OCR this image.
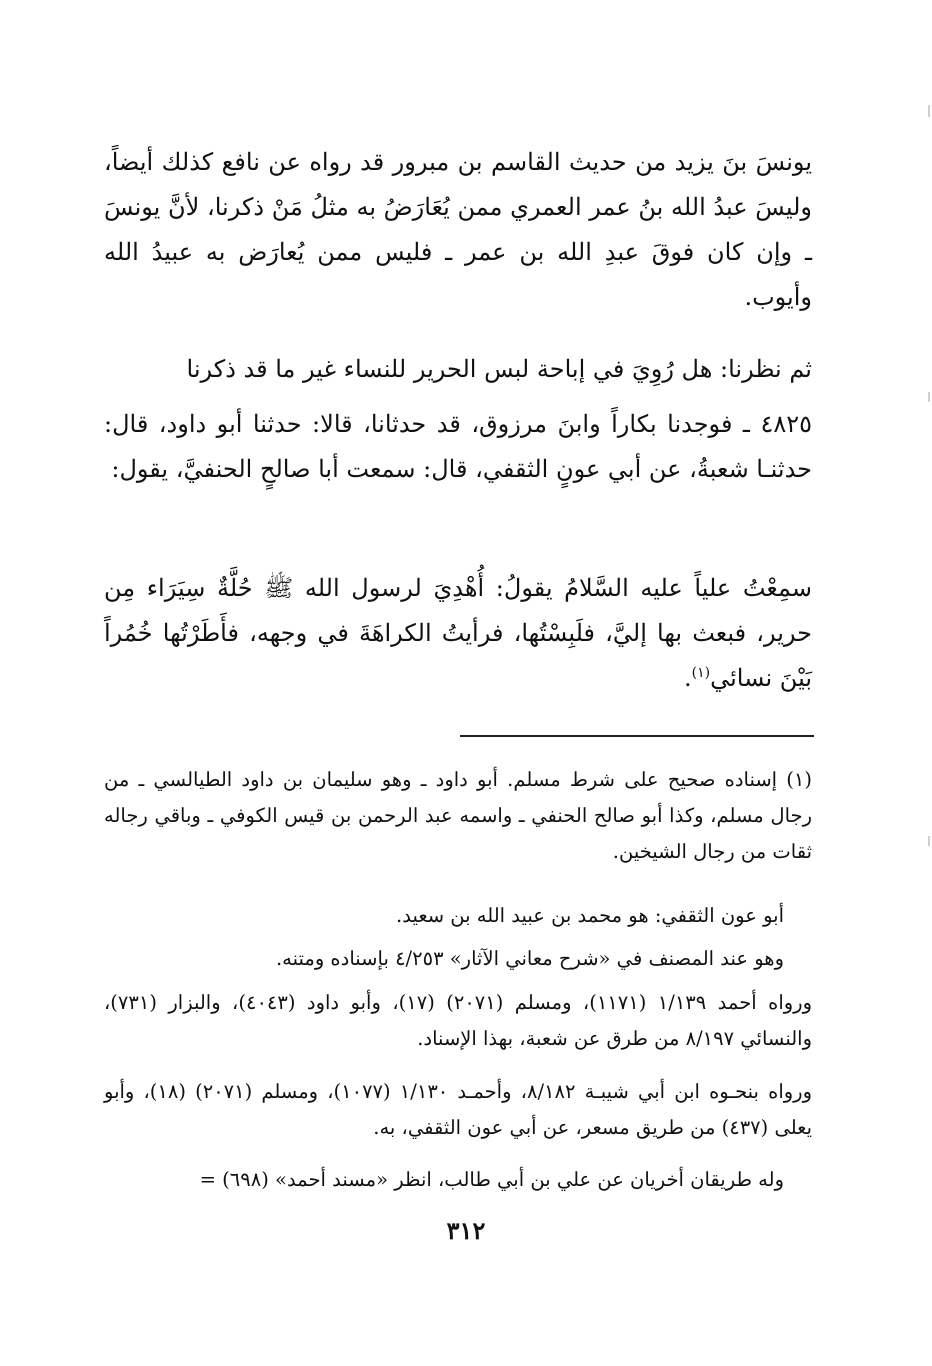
يونسَ بنَ يزيد من حديث القاسم بن مبرور قد رواه عن نافع كذلك أيضاً، وليسَ عبدُ الله بنُ عمر العمري ممن يُعَارَضُ به مثلُ مَنْ ذكرنا، لأنَّ يونسَ ـ وإن كان فوقَ عبدِ الله بن عمر ـ فليس ممن يُعارَض به عبيدُ الله وأيوب.

ثم نظرنا: هل رُوِيَ في إباحة لبس الحرير للنساء غير ما قد ذكرنا

٤٨٢٥ ـ فوجدنا بكاراً وابنَ مرزوق، قد حدثانا، قالا: حدثنا أبو داود، قال: حدثنـا شعبةُ، عن أبي عونٍ الثقفي، قال: سمعت أبا صالحٍ الحنفيَّ، يقول:

سمِعْتُ علياً عليه السَّلامُ يقولُ: أُهْدِيَ لرسول الله ﷺ حُلَّةٌ سِيَرَاء مِن حرير، فبعث بها إليَّ، فلَبِسْتُها، فرأيتُ الكراهَةَ في وجهه، فأَطَرْتُها خُمُراً بَيْنَ نسائي$^{(١)}$.

(١) إسناده صحيح على شرط مسلم. أبو داود ـ وهو سليمان بن داود الطيالسي ـ من رجال مسلم، وكذا أبو صالح الحنفي ـ واسمه عبد الرحمن بن قيس الكوفي ـ وباقي رجاله ثقات من رجال الشيخين.
أبو عون الثقفي: هو محمد بن عبيد الله بن سعيد.
وهو عند المصنف في «شرح معاني الآثار» ٤/٢٥٣ بإسناده ومتنه.
ورواه أحمد ١/١٣٩ (١١٧١)، ومسلم (٢٠٧١) (١٧)، وأبو داود (٤٠٤٣)، والبزار (٧٣١)، والنسائي ٨/١٩٧ من طرق عن شعبة، بهذا الإسناد.
ورواه بنحـوه ابن أبي شيبـة ٨/١٨٢، وأحمـد ١/١٣٠ (١٠٧٧)، ومسلم (٢٠٧١) (١٨)، وأبو يعلى (٤٣٧) من طريق مسعر، عن أبي عون الثقفي، به.
وله طريقان أخريان عن علي بن أبي طالب، انظر «مسند أحمد» (٦٩٨) =
٣١٢
